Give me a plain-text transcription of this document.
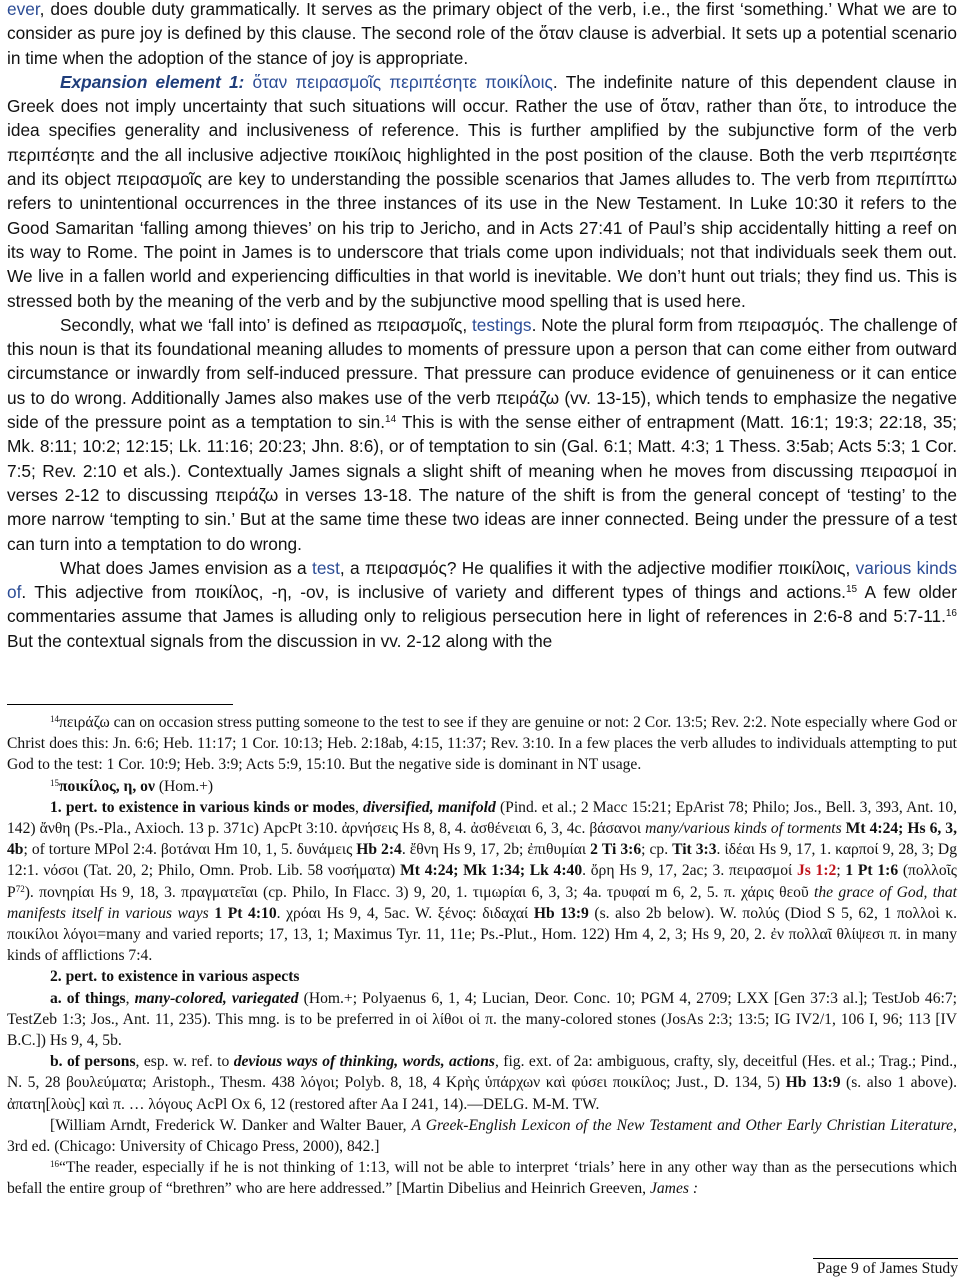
ever, does double duty grammatically. It serves as the primary object of the verb, i.e., the first ‘something.’ What we are to consider as pure joy is defined by this clause. The second role of the ὅταν clause is adverbial. It sets up a potential scenario in time when the adoption of the stance of joy is appropriate.

Expansion element 1: ὅταν πειρασμοῖς περιπέσητε ποικίλοις. The indefinite nature of this dependent clause in Greek does not imply uncertainty that such situations will occur. Rather the use of ὅταν, rather than ὅτε, to introduce the idea specifies generality and inclusiveness of reference. This is further amplified by the subjunctive form of the verb περιπέσητε and the all inclusive adjective ποικίλοις highlighted in the post position of the clause. Both the verb περιπέσητε and its object πειρασμοῖς are key to understanding the possible scenarios that James alludes to. The verb from περιπίπτω refers to unintentional occurrences in the three instances of its use in the New Testament. In Luke 10:30 it refers to the Good Samaritan ‘falling among thieves’ on his trip to Jericho, and in Acts 27:41 of Paul’s ship accidentally hitting a reef on its way to Rome. The point in James is to underscore that trials come upon individuals; not that individuals seek them out. We live in a fallen world and experiencing difficulties in that world is inevitable. We don’t hunt out trials; they find us. This is stressed both by the meaning of the verb and by the subjunctive mood spelling that is used here.

Secondly, what we ‘fall into’ is defined as πειρασμοῖς, testings. Note the plural form from πειρασμός. The challenge of this noun is that its foundational meaning alludes to moments of pressure upon a person that can come either from outward circumstance or inwardly from self-induced pressure. That pressure can produce evidence of genuineness or it can entice us to do wrong. Additionally James also makes use of the verb πειράζω (vv. 13-15), which tends to emphasize the negative side of the pressure point as a temptation to sin.$^{14}$ This is with the sense either of entrapment (Matt. 16:1; 19:3; 22:18, 35; Mk. 8:11; 10:2; 12:15; Lk. 11:16; 20:23; Jhn. 8:6), or of temptation to sin (Gal. 6:1; Matt. 4:3; 1 Thess. 3:5ab; Acts 5:3; 1 Cor. 7:5; Rev. 2:10 et als.). Contextually James signals a slight shift of meaning when he moves from discussing πειρασμοί in verses 2-12 to discussing πειράζω in verses 13-18. The nature of the shift is from the general concept of ‘testing’ to the more narrow ‘tempting to sin.’ But at the same time these two ideas are inner connected. Being under the pressure of a test can turn into a temptation to do wrong.

What does James envision as a test, a πειρασμός? He qualifies it with the adjective modifier ποικίλοις, various kinds of. This adjective from ποικίλος, -η, -ον, is inclusive of variety and different types of things and actions.$^{15}$ A few older commentaries assume that James is alluding only to religious persecution here in light of references in 2:6-8 and 5:7-11.16 But the contextual signals from the discussion in vv. 2-12 along with the

$^{14}$πειράζω can on occasion stress putting someone to the test to see if they are genuine or not: 2 Cor. 13:5; Rev. 2:2. Note especially where God or Christ does this: Jn. 6:6; Heb. 11:17; 1 Cor. 10:13; Heb. 2:18ab, 4:15, 11:37; Rev. 3:10. In a few places the verb alludes to individuals attempting to put God to the test: 1 Cor. 10:9; Heb. 3:9; Acts 5:9, 15:10. But the negative side is dominant in NT usage.

$^{15}$ποικίλος, η, ον (Hom.+)

1. pert. to existence in various kinds or modes, diversified, manifold (Pind. et al.; 2 Macc 15:21; EpArist 78; Philo; Jos., Bell. 3, 393, Ant. 10, 142) ἄνθη (Ps.-Pla., Axioch. 13 p. 371c) ApcPt 3:10. ἀρνήσεις Hs 8, 8, 4. ἀσθένειαι 6, 3, 4c. βάσανοι many/various kinds of torments Mt 4:24; Hs 6, 3, 4b; of torture MPol 2:4. βοτάναι Hm 10, 1, 5. δυνάμεις Hb 2:4. ἔθνη Hs 9, 17, 2b; ἐπιθυμίαι 2 Ti 3:6; cp. Tit 3:3. ἰδέαι Hs 9, 17, 1. καρποί 9, 28, 3; Dg 12:1. νόσοι (Tat. 20, 2; Philo, Omn. Prob. Lib. 58 νοσήματα) Mt 4:24; Mk 1:34; Lk 4:40. ὄρη Hs 9, 17, 2ac; 3. πειρασμοί Js 1:2; 1 Pt 1:6 (πολλοῖς $P^{72}$). πονηρίαι Hs 9, 18, 3. πραγματεῖαι (cp. Philo, In Flacc. 3) 9, 20, 1. τιμωρίαι 6, 3, 3; 4a. τρυφαί m 6, 2, 5. π. χάρις θεοῦ the grace of God, that manifests itself in various ways 1 Pt 4:10. χρόαι Hs 9, 4, 5ac. W. ξένος: διδαχαί Hb 13:9 (s. also 2b below). W. πολύς (Diod S 5, 62, 1 πολλοὶ κ. ποικίλοι λόγοι=many and varied reports; 17, 13, 1; Maximus Tyr. 11, 11e; Ps.-Plut., Hom. 122) Hm 4, 2, 3; Hs 9, 20, 2. ἐν πολλαῖ θλίψεσι π. in many kinds of afflictions 7:4.

2. pert. to existence in various aspects

a. of things, many-colored, variegated (Hom.+; Polyaenus 6, 1, 4; Lucian, Deor. Conc. 10; PGM 4, 2709; LXX [Gen 37:3 al.]; TestJob 46:7; TestZeb 1:3; Jos., Ant. 11, 235). This mng. is to be preferred in οἱ λίθοι οἱ π. the many-colored stones (JosAs 2:3; 13:5; IG IV2/1, 106 I, 96; 113 [IV B.C.]) Hs 9, 4, 5b.

b. of persons, esp. w. ref. to devious ways of thinking, words, actions, fig. ext. of 2a: ambiguous, crafty, sly, deceitful (Hes. et al.; Trag.; Pind., N. 5, 28 βουλεύματα; Aristoph., Thesm. 438 λόγοι; Polyb. 8, 18, 4 Κρὴς ὑπάρχων καὶ φύσει ποικίλος; Just., D. 134, 5) Hb 13:9 (s. also 1 above). ἀπατη[λοὺς] καὶ π. … λόγους AcPl Ox 6, 12 (restored after Aa I 241, 14).—DELG. M-M. TW.

[William Arndt, Frederick W. Danker and Walter Bauer, A Greek-English Lexicon of the New Testament and Other Early Christian Literature, 3rd ed. (Chicago: University of Chicago Press, 2000), 842.]

$^{16}$“The reader, especially if he is not thinking of 1:13, will not be able to interpret ‘trials’ here in any other way than as the persecutions which befall the entire group of “brethren” who are here addressed.” [Martin Dibelius and Heinrich Greeven, James :

Page 9 of James Study
